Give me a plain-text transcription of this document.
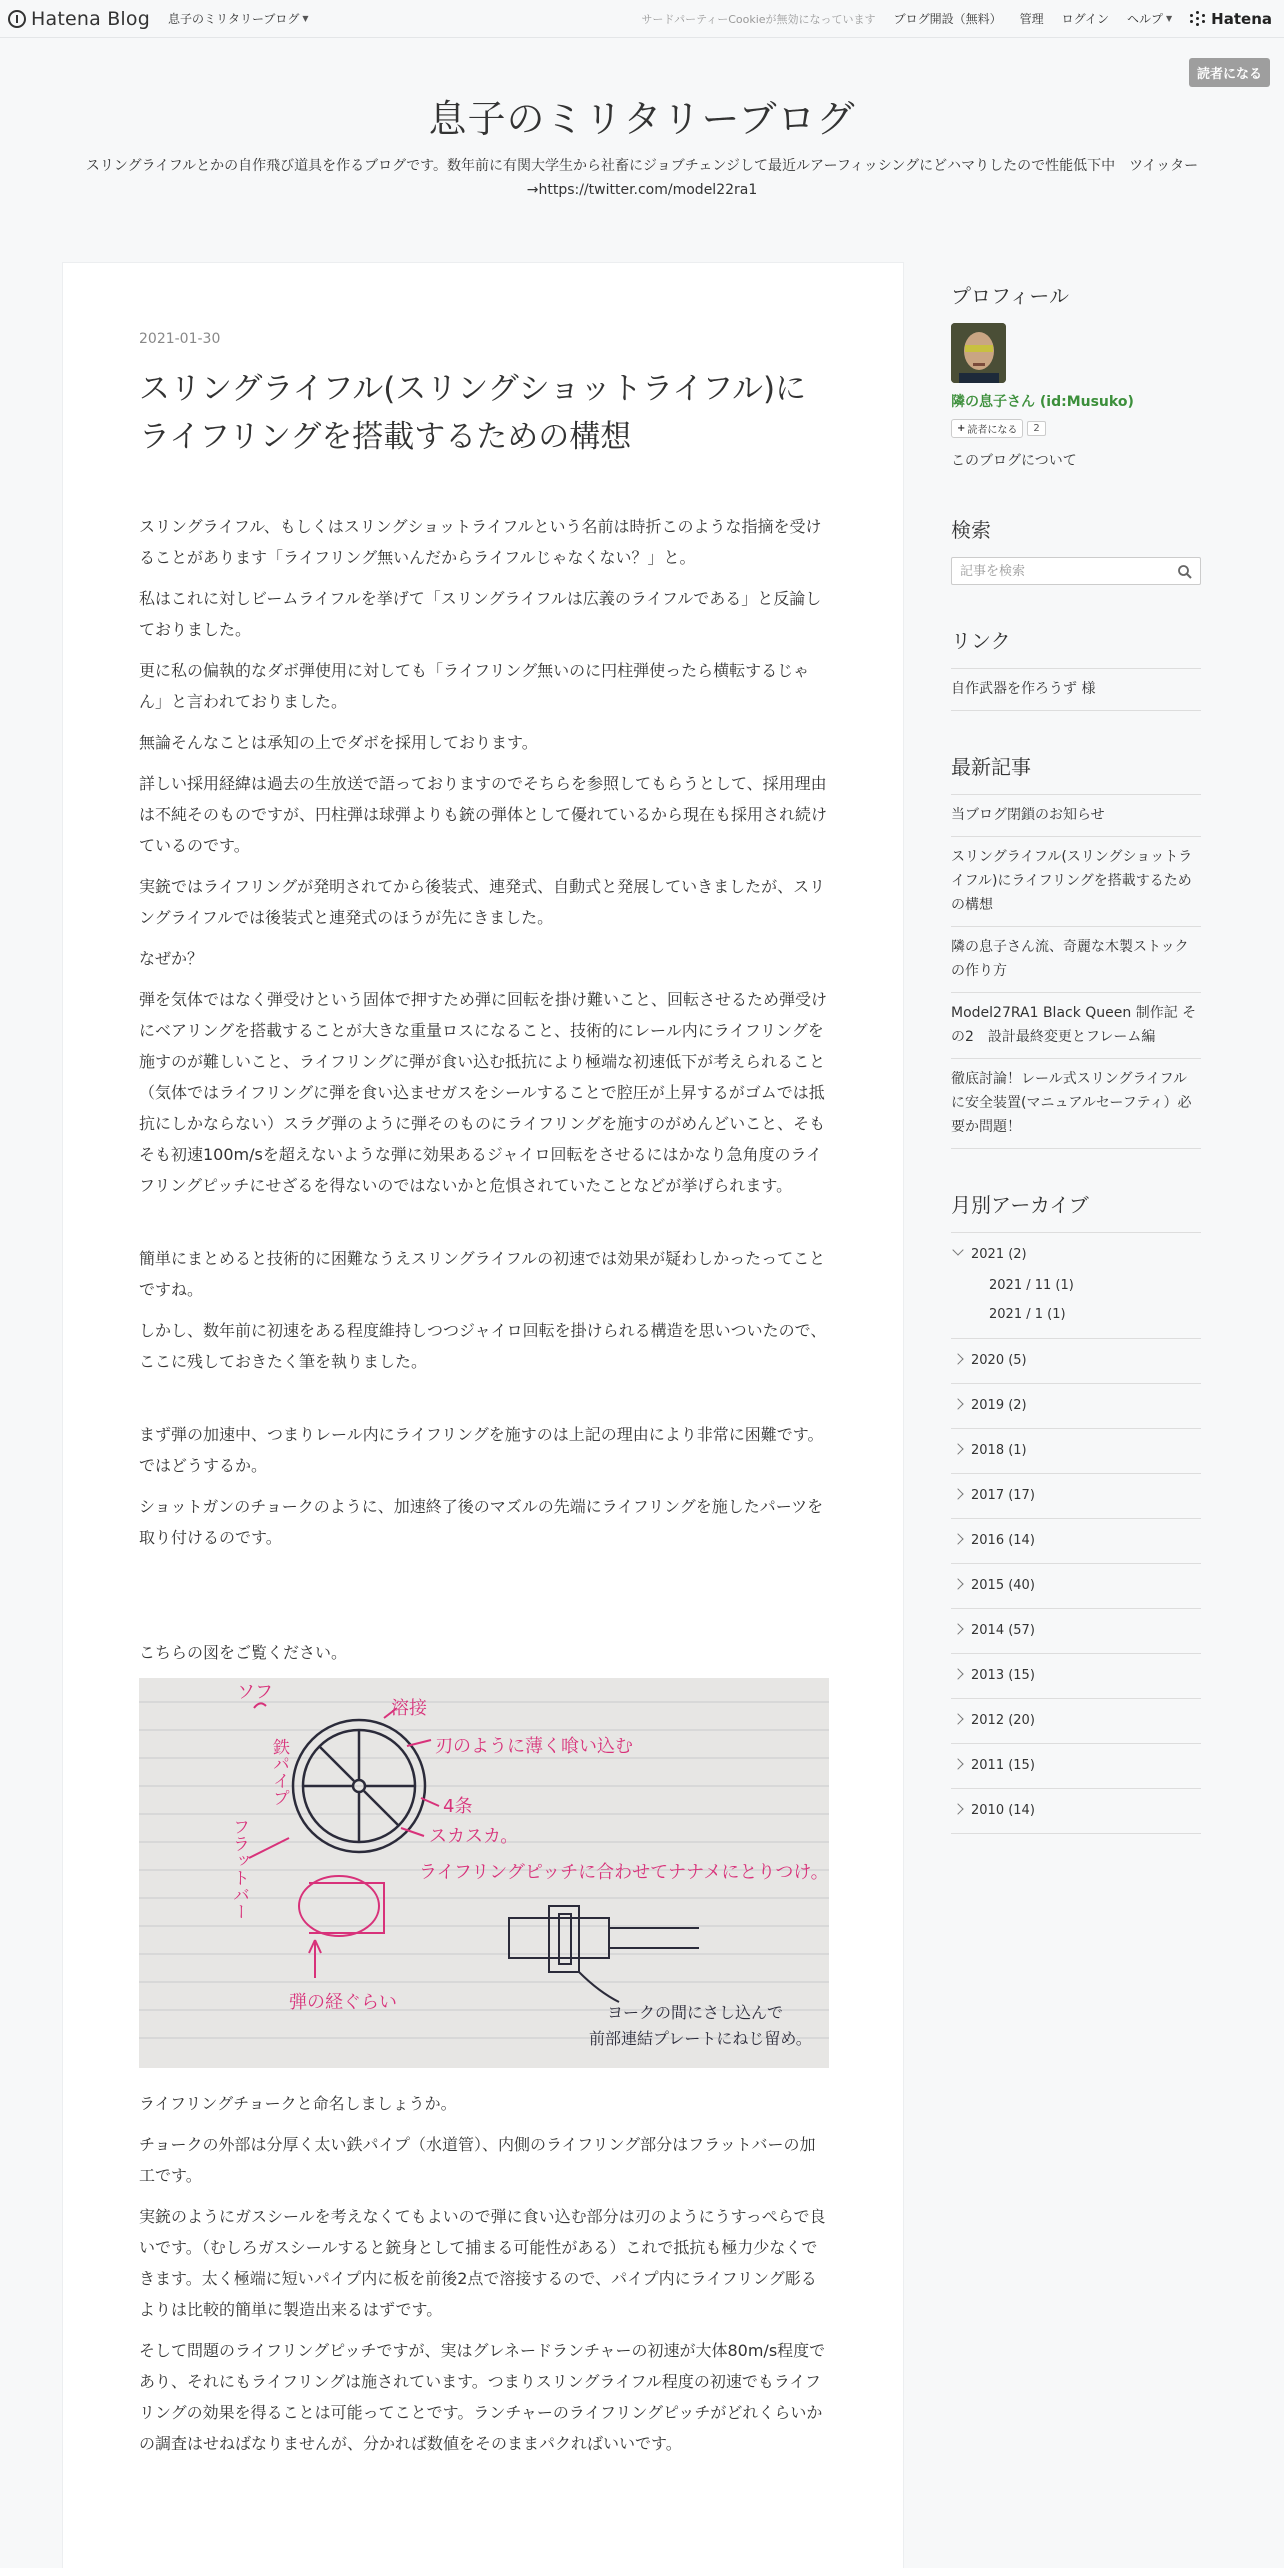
Hatena Blog 息子のミリタリーブログ ▼	サードパーティーCookieが無効になっています ブログ開設（無料） 管理 ログイン ヘルプ ▼	Hatena
読者になる
息子のミリタリーブログ
スリングライフルとかの自作飛び道具を作るブログです。数年前に有関大学生から社畜にジョブチェンジして最近ルアーフィッシングにどハマりしたので性能低下中　ツイッター→https://twitter.com/model22ra1
2021-01-30
スリングライフル(スリングショットライフル)にライフリングを搭載するための構想

スリングライフル、もしくはスリングショットライフルという名前は時折このような指摘を受けることがあります「ライフリング無いんだからライフルじゃなくない？」と。

私はこれに対しビームライフルを挙げて「スリングライフルは広義のライフルである」と反論しておりました。

更に私の偏執的なダボ弾使用に対しても「ライフリング無いのに円柱弾使ったら横転するじゃん」と言われておりました。

無論そんなことは承知の上でダボを採用しております。

詳しい採用経緯は過去の生放送で語っておりますのでそちらを参照してもらうとして、採用理由は不純そのものですが、円柱弾は球弾よりも銃の弾体として優れているから現在も採用され続けているのです。

実銃ではライフリングが発明されてから後装式、連発式、自動式と発展していきましたが、スリングライフルでは後装式と連発式のほうが先にきました。

なぜか？

弾を気体ではなく弾受けという固体で押すため弾に回転を掛け難いこと、回転させるため弾受けにベアリングを搭載することが大きな重量ロスになること、技術的にレール内にライフリングを施すのが難しいこと、ライフリングに弾が食い込む抵抗により極端な初速低下が考えられること（気体ではライフリングに弾を食い込ませガスをシールすることで腔圧が上昇するがゴムでは抵抗にしかならない）スラグ弾のように弾そのものにライフリングを施すのがめんどいこと、そもそも初速100m/sを超えないような弾に効果あるジャイロ回転をさせるにはかなり急角度のライフリングピッチにせざるを得ないのではないかと危惧されていたことなどが挙げられます。

簡単にまとめると技術的に困難なうえスリングライフルの初速では効果が疑わしかったってことですね。

しかし、数年前に初速をある程度維持しつつジャイロ回転を掛けられる構造を思いついたので、ここに残しておきたく筆を執りました。

まず弾の加速中、つまりレール内にライフリングを施すのは上記の理由により非常に困難です。ではどうするか。

ショットガンのチョークのように、加速終了後のマズルの先端にライフリングを施したパーツを取り付けるのです。

こちらの図をご覧ください。

ソフ
溶接
刃のように薄く喰い込む
4条
スカスカ。
ライフリングピッチに合わせてナナメにとりつけ。
弾の経ぐらい
鉄パイプ
フラットバー
ヨークの間にさし込んで
前部連結プレートにねじ留め。

ライフリングチョークと命名しましょうか。

チョークの外部は分厚く太い鉄パイプ（水道管）、内側のライフリング部分はフラットバーの加工です。

実銃のようにガスシールを考えなくてもよいので弾に食い込む部分は刃のようにうすっぺらで良いです。（むしろガスシールすると銃身として捕まる可能性がある）これで抵抗も極力少なくできます。太く極端に短いパイプ内に板を前後2点で溶接するので、パイプ内にライフリング彫るよりは比較的簡単に製造出来るはずです。

そして問題のライフリングピッチですが、実はグレネードランチャーの初速が大体80m/s程度であり、それにもライフリングは施されています。つまりスリングライフル程度の初速でもライフリングの効果を得ることは可能ってことです。ランチャーのライフリングピッチがどれくらいかの調査はせねばなりませんが、分かれば数値をそのままパクればいいです。

プロフィール
隣の息子さん (id:Musuko)
+ 読者になる	2
このブログについて
検索
記事を検索
リンク
自作武器を作ろうず 様
最新記事
当ブログ閉鎖のお知らせ
スリングライフル(スリングショットライフル)にライフリングを搭載するための構想
隣の息子さん流、奇麗な木製ストックの作り方
Model27RA1 Black Queen 制作記 その2　設計最終変更とフレーム編
徹底討論！レール式スリングライフルに安全装置(マニュアルセーフティ）必要か問題！
月別アーカイブ
2021 (2)
2021 / 11 (1)
2021 / 1 (1)
2020 (5)
2019 (2)
2018 (1)
2017 (17)
2016 (14)
2015 (40)
2014 (57)
2013 (15)
2012 (20)
2011 (15)
2010 (14)
